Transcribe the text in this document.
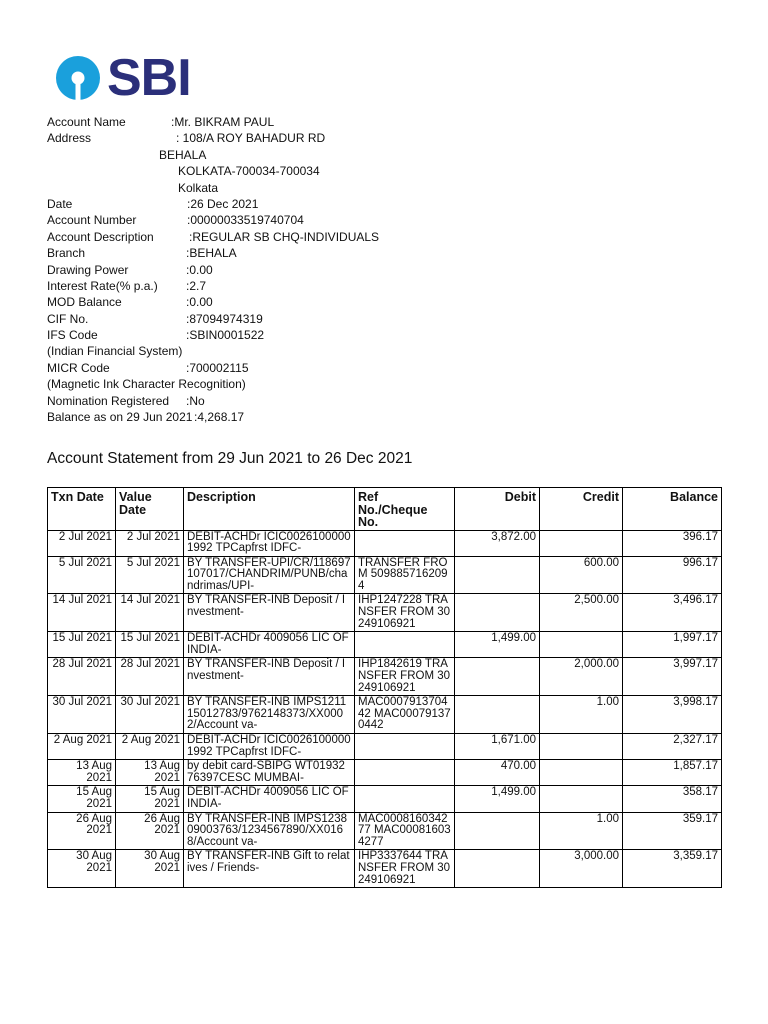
SBI
Account Name	:Mr. BIKRAM PAUL
Address	: 108/A ROY BAHADUR RD
BEHALA
KOLKATA-700034-700034
Kolkata
Date	:26 Dec 2021
Account Number	:00000033519740704
Account Description	:REGULAR SB CHQ-INDIVIDUALS
Branch	:BEHALA
Drawing Power	:0.00
Interest Rate(% p.a.) :2.7
MOD Balance	:0.00
CIF No.	:87094974319
IFS Code	:SBIN0001522
(Indian Financial System)
MICR Code	:700002115
(Magnetic Ink Character Recognition)
Nomination Registered :No
Balance as on 29 Jun 2021 :4,268.17
Account Statement from 29 Jun 2021 to 26 Dec 2021
Txn Date	Value Date	Description	Ref No./Cheque No.	Debit	Credit	Balance
2 Jul 2021	2 Jul 2021	DEBIT-ACHDr ICIC00261000001992 TPCapfrst IDFC-		3,872.00		396.17
5 Jul 2021	5 Jul 2021	BY TRANSFER-UPI/CR/118697107017/CHANDRIM/PUNB/chandrimas/UPI-	TRANSFER FROM 5098857162094		600.00	996.17
14 Jul 2021	14 Jul 2021	BY TRANSFER-INB Deposit / Investment-	IHP1247228 TRANSFER FROM 30249106921		2,500.00	3,496.17
15 Jul 2021	15 Jul 2021	DEBIT-ACHDr 4009056 LIC OF INDIA-		1,499.00		1,997.17
28 Jul 2021	28 Jul 2021	BY TRANSFER-INB Deposit / Investment-	IHP1842619 TRANSFER FROM 30249106921		2,000.00	3,997.17
30 Jul 2021	30 Jul 2021	BY TRANSFER-INB IMPS121115012783/9762148373/XX0002/Account va-	MAC000791370442 MAC000791370442		1.00	3,998.17
2 Aug 2021	2 Aug 2021	DEBIT-ACHDr ICIC00261000001992 TPCapfrst IDFC-		1,671.00		2,327.17
13 Aug 2021	13 Aug 2021	by debit card-SBIPG WT0193276397CESC MUMBAI-		470.00		1,857.17
15 Aug 2021	15 Aug 2021	DEBIT-ACHDr 4009056 LIC OF INDIA-		1,499.00		358.17
26 Aug 2021	26 Aug 2021	BY TRANSFER-INB IMPS123809003763/1234567890/XX0168/Account va-	MAC000816034277 MAC000816034277		1.00	359.17
30 Aug 2021	30 Aug 2021	BY TRANSFER-INB Gift to relatives / Friends-	IHP3337644 TRANSFER FROM 30249106921		3,000.00	3,359.17
